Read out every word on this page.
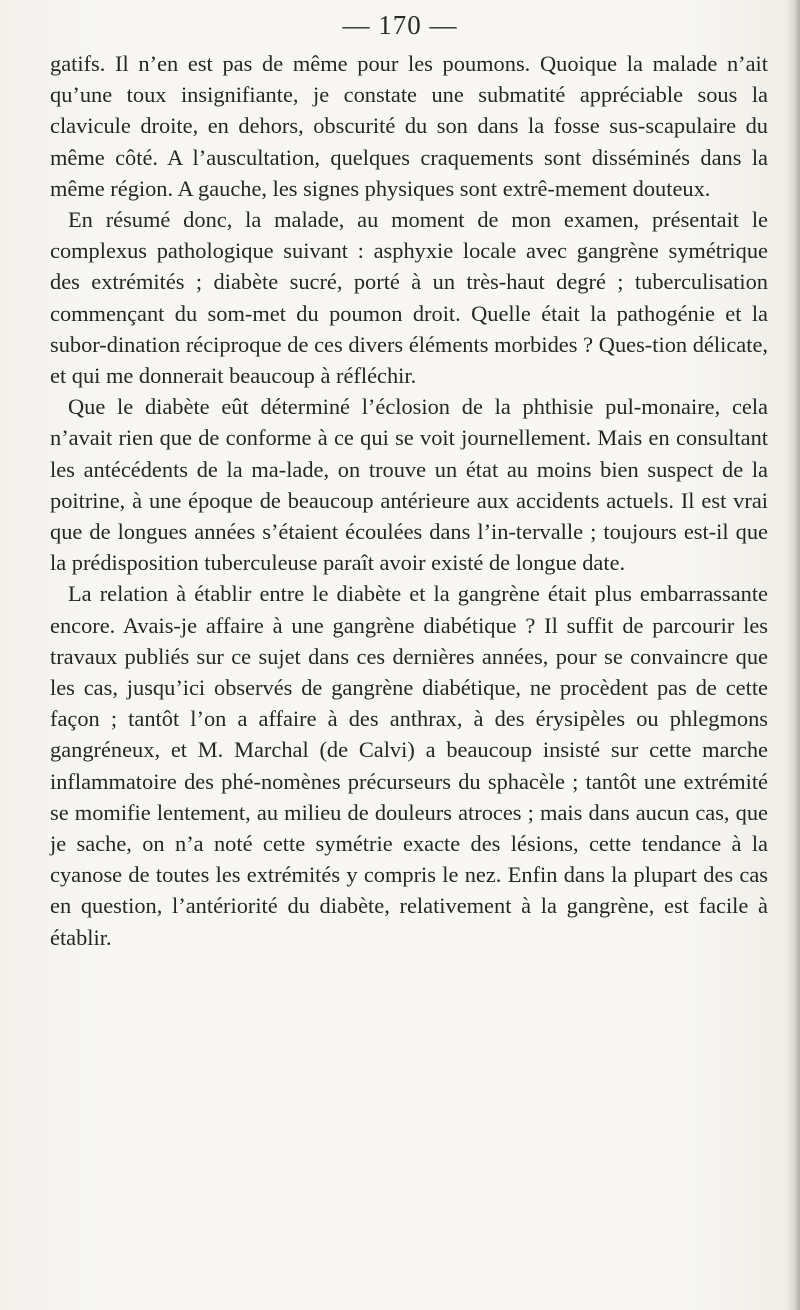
— 170 —

gatifs. Il n’en est pas de même pour les poumons. Quoique la malade n’ait qu’une toux insignifiante, je constate une submatité appréciable sous la clavicule droite, en dehors, obscurité du son dans la fosse sus-scapulaire du même côté. A l’auscultation, quelques craquements sont disséminés dans la même région. A gauche, les signes physiques sont extrê-mement douteux.

En résumé donc, la malade, au moment de mon examen, présentait le complexus pathologique suivant : asphyxie locale avec gangrène symétrique des extrémités ; diabète sucré, porté à un très-haut degré ; tuberculisation commençant du som-met du poumon droit. Quelle était la pathogénie et la subor-dination réciproque de ces divers éléments morbides ? Ques-tion délicate, et qui me donnerait beaucoup à réfléchir.

Que le diabète eût déterminé l’éclosion de la phthisie pul-monaire, cela n’avait rien que de conforme à ce qui se voit journellement. Mais en consultant les antécédents de la ma-lade, on trouve un état au moins bien suspect de la poitrine, à une époque de beaucoup antérieure aux accidents actuels. Il est vrai que de longues années s’étaient écoulées dans l’in-tervalle ; toujours est-il que la prédisposition tuberculeuse paraît avoir existé de longue date.

La relation à établir entre le diabète et la gangrène était plus embarrassante encore. Avais-je affaire à une gangrène diabétique ? Il suffit de parcourir les travaux publiés sur ce sujet dans ces dernières années, pour se convaincre que les cas, jusqu’ici observés de gangrène diabétique, ne procèdent pas de cette façon ; tantôt l’on a affaire à des anthrax, à des érysipèles ou phlegmons gangréneux, et M. Marchal (de Calvi) a beaucoup insisté sur cette marche inflammatoire des phé-nomènes précurseurs du sphacèle ; tantôt une extrémité se momifie lentement, au milieu de douleurs atroces ; mais dans aucun cas, que je sache, on n’a noté cette symétrie exacte des lésions, cette tendance à la cyanose de toutes les extrémités y compris le nez. Enfin dans la plupart des cas en question, l’antériorité du diabète, relativement à la gangrène, est facile à établir.
